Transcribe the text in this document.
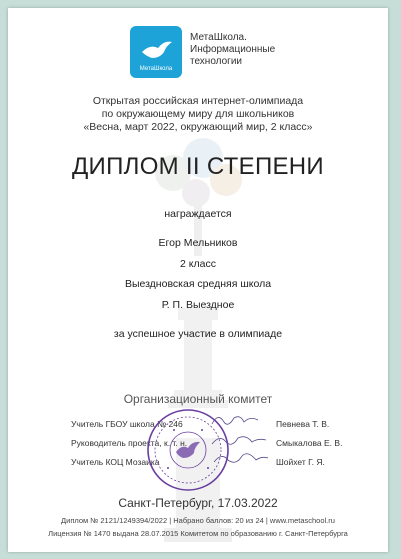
МетаШкола
МетаШкола.
Информационные
технологии
Открытая российская интернет-олимпиада
по окружающему миру для школьников
«Весна, март 2022, окружающий мир, 2 класс»
ДИПЛОМ II СТЕПЕНИ
награждается
Егор Мельников
2 класс
Выездновская средняя школа
Р. П. Выездное
за успешное участие в олимпиаде
Организационный комитет
Учитель ГБОУ школа № 246	Певнева Т. В.
Руководитель проекта, к. т. н.	Смыкалова Е. В.
Учитель КОЦ Мозаика	Шойхет Г. Я.
Санкт-Петербург, 17.03.2022
Диплом № 2121/1249394/2022 | Набрано баллов: 20 из 24 | www.metaschool.ru
Лицензия № 1470 выдана 28.07.2015 Комитетом по образованию г. Санкт-Петербурга
